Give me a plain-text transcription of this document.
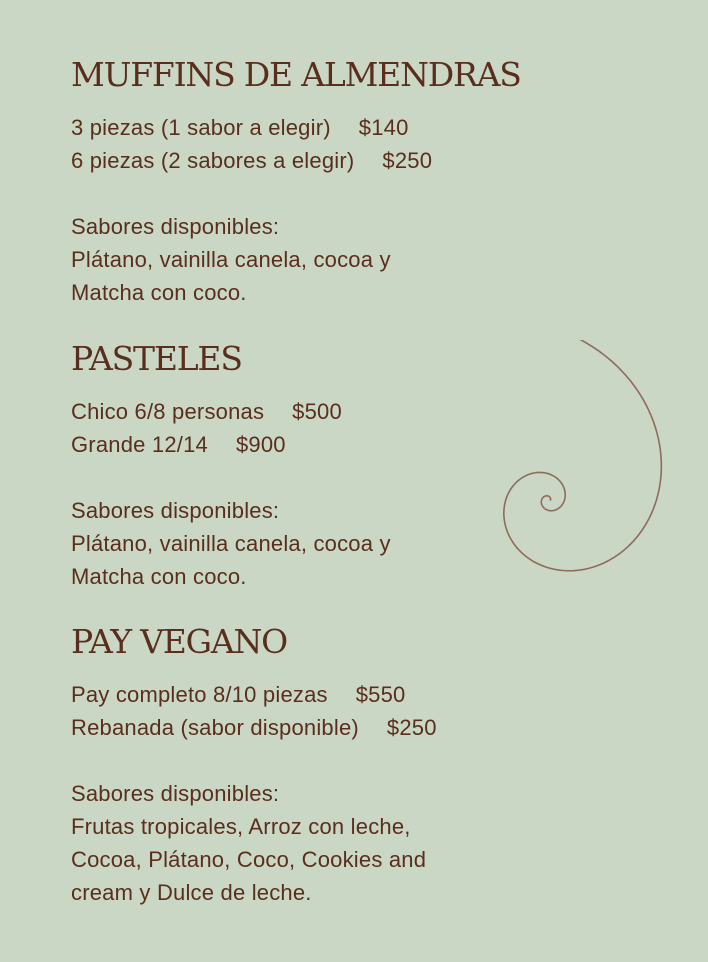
MUFFINS DE ALMENDRAS
3 piezas (1 sabor a elegir) $140
6 piezas (2 sabores a elegir) $250
Sabores disponibles:
Plátano, vainilla canela, cocoa y
Matcha con coco.
PASTELES
Chico 6/8 personas $500
Grande 12/14 $900
Sabores disponibles:
Plátano, vainilla canela, cocoa y
Matcha con coco.
PAY VEGANO
Pay completo 8/10 piezas $550
Rebanada (sabor disponible) $250
Sabores disponibles:
Frutas tropicales, Arroz con leche,
Cocoa, Plátano, Coco, Cookies and
cream y Dulce de leche.
